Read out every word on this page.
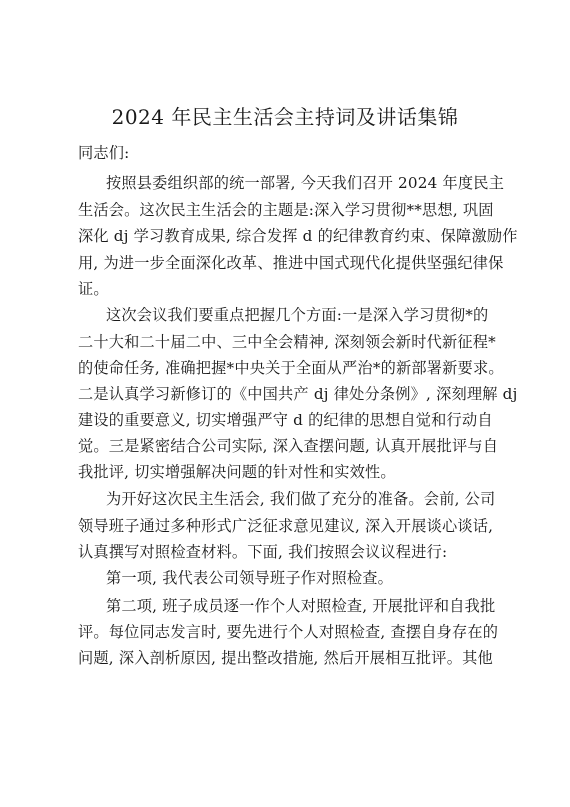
2024 年民主生活会主持词及讲话集锦
同志们:
按照县委组织部的统一部署, 今天我们召开 2024 年度民主
生活会。这次民主生活会的主题是:深入学习贯彻**思想, 巩固
深化 dj 学习教育成果, 综合发挥 d 的纪律教育约束、保障激励作
用, 为进一步全面深化改革、推进中国式现代化提供坚强纪律保
证。
这次会议我们要重点把握几个方面:一是深入学习贯彻*的
二十大和二十届二中、三中全会精神, 深刻领会新时代新征程*
的使命任务, 准确把握*中央关于全面从严治*的新部署新要求。
二是认真学习新修订的《中国共产 dj 律处分条例》, 深刻理解 dj
建设的重要意义, 切实增强严守 d 的纪律的思想自觉和行动自
觉。三是紧密结合公司实际, 深入查摆问题, 认真开展批评与自
我批评, 切实增强解决问题的针对性和实效性。
为开好这次民主生活会, 我们做了充分的准备。会前, 公司
领导班子通过多种形式广泛征求意见建议, 深入开展谈心谈话,
认真撰写对照检查材料。下面, 我们按照会议议程进行:
第一项, 我代表公司领导班子作对照检查。
第二项, 班子成员逐一作个人对照检查, 开展批评和自我批
评。每位同志发言时, 要先进行个人对照检查, 查摆自身存在的
问题, 深入剖析原因, 提出整改措施, 然后开展相互批评。其他
